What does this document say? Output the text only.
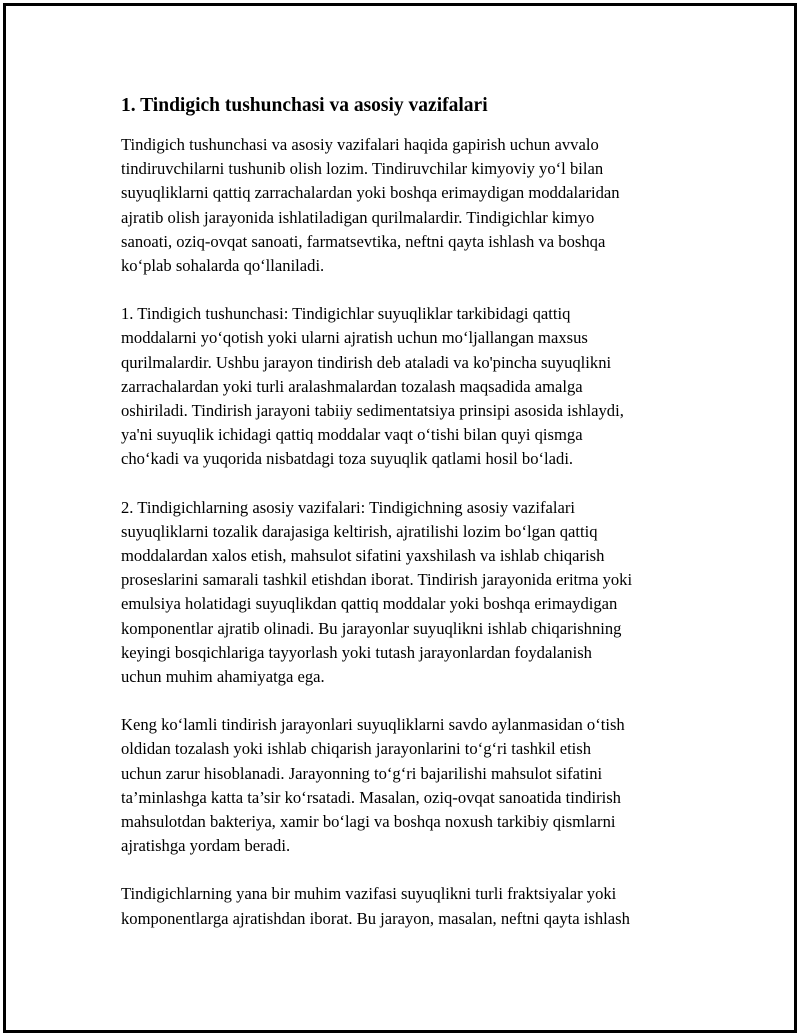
1. Tindigich tushunchasi va asosiy vazifalari

Tindigich tushunchasi va asosiy vazifalari haqida gapirish uchun avvalo
tindiruvchilarni tushunib olish lozim. Tindiruvchilar kimyoviy yo‘l bilan
suyuqliklarni qattiq zarrachalardan yoki boshqa erimaydigan moddalaridan
ajratib olish jarayonida ishlatiladigan qurilmalardir. Tindigichlar kimyo
sanoati, oziq-ovqat sanoati, farmatsevtika, neftni qayta ishlash va boshqa
ko‘plab sohalarda qo‘llaniladi.

1. Tindigich tushunchasi: Tindigichlar suyuqliklar tarkibidagi qattiq
moddalarni yo‘qotish yoki ularni ajratish uchun mo‘ljallangan maxsus
qurilmalardir. Ushbu jarayon tindirish deb ataladi va ko'pincha suyuqlikni
zarrachalardan yoki turli aralashmalardan tozalash maqsadida amalga
oshiriladi. Tindirish jarayoni tabiiy sedimentatsiya prinsipi asosida ishlaydi,
ya'ni suyuqlik ichidagi qattiq moddalar vaqt o‘tishi bilan quyi qismga
cho‘kadi va yuqorida nisbatdagi toza suyuqlik qatlami hosil bo‘ladi.

2. Tindigichlarning asosiy vazifalari: Tindigichning asosiy vazifalari
suyuqliklarni tozalik darajasiga keltirish, ajratilishi lozim bo‘lgan qattiq
moddalardan xalos etish, mahsulot sifatini yaxshilash va ishlab chiqarish
proseslarini samarali tashkil etishdan iborat. Tindirish jarayonida eritma yoki
emulsiya holatidagi suyuqlikdan qattiq moddalar yoki boshqa erimaydigan
komponentlar ajratib olinadi. Bu jarayonlar suyuqlikni ishlab chiqarishning
keyingi bosqichlariga tayyorlash yoki tutash jarayonlardan foydalanish
uchun muhim ahamiyatga ega.

Keng ko‘lamli tindirish jarayonlari suyuqliklarni savdo aylanmasidan o‘tish
oldidan tozalash yoki ishlab chiqarish jarayonlarini to‘g‘ri tashkil etish
uchun zarur hisoblanadi. Jarayonning to‘g‘ri bajarilishi mahsulot sifatini
ta’minlashga katta ta’sir ko‘rsatadi. Masalan, oziq-ovqat sanoatida tindirish
mahsulotdan bakteriya, xamir bo‘lagi va boshqa noxush tarkibiy qismlarni
ajratishga yordam beradi.

Tindigichlarning yana bir muhim vazifasi suyuqlikni turli fraktsiyalar yoki
komponentlarga ajratishdan iborat. Bu jarayon, masalan, neftni qayta ishlash
